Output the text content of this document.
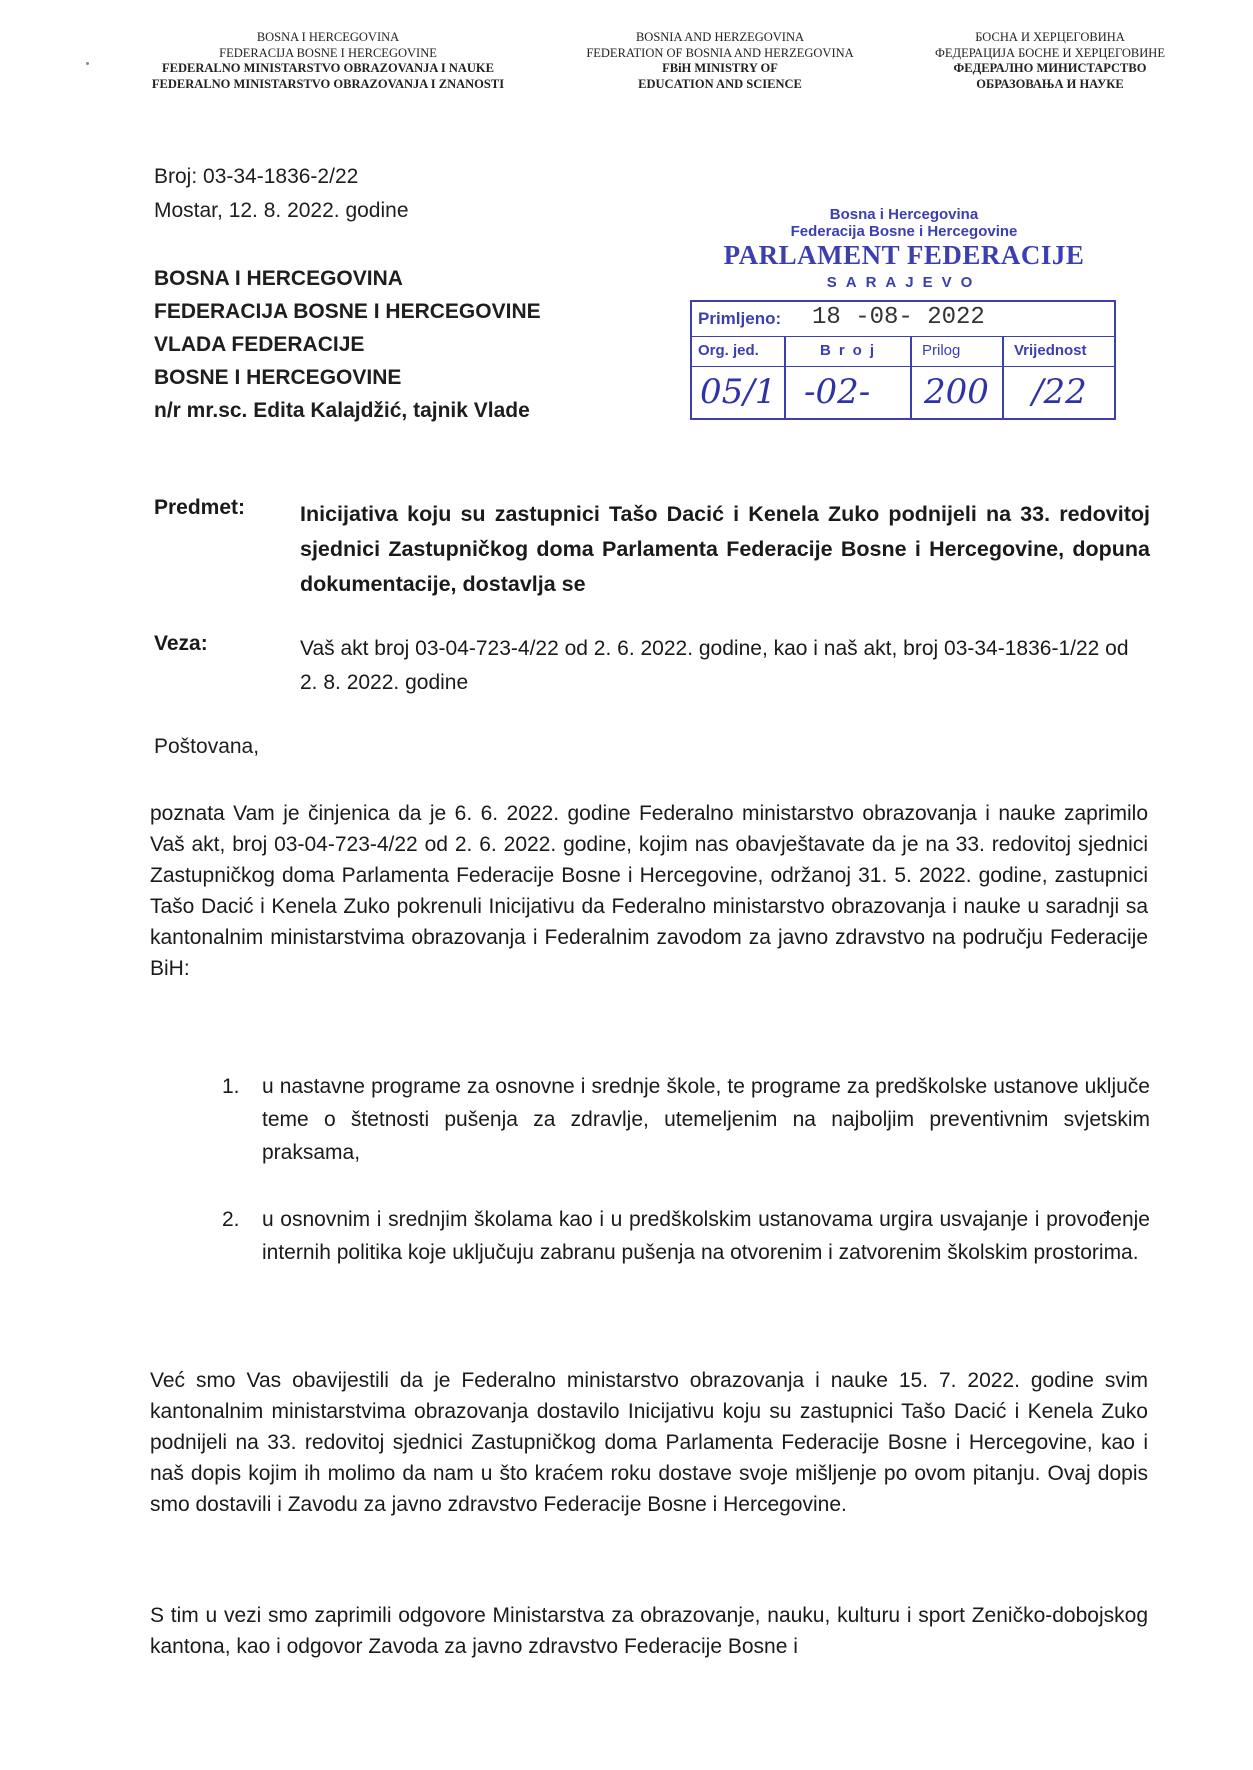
BOSNA I HERCEGOVINA
FEDERACIJA BOSNE I HERCEGOVINE
FEDERALNO MINISTARSTVO OBRAZOVANJA I NAUKE
FEDERALNO MINISTARSTVO OBRAZOVANJA I ZNANOSTI
BOSNIA AND HERZEGOVINA
FEDERATION OF BOSNIA AND HERZEGOVINA
FBiH MINISTRY OF
EDUCATION AND SCIENCE
БОСНА И ХЕРЦЕГОВИНА
ФЕДЕРАЦИЈА БОСНЕ И ХЕРЦЕГОВИНЕ
ФЕДЕРАЛНО МИНИСТАРСТВО
ОБРАЗОВАЊА И НАУКЕ
Broj: 03-34-1836-2/22
Mostar, 12. 8. 2022. godine
BOSNA I HERCEGOVINA
FEDERACIJA BOSNE I HERCEGOVINE
VLADA FEDERACIJE
BOSNE I HERCEGOVINE
n/r mr.sc. Edita Kalajdžić, tajnik Vlade
Bosna i Hercegovina
Federacija Bosne i Hercegovine
PARLAMENT FEDERACIJE
SARAJEVO
Primljeno: 18 -08- 2022
Org. jed.	Broj	Prilog	Vrijednost
05/1 -02- 200 /22
Predmet:	Inicijativa koju su zastupnici Tašo Dacić i Kenela Zuko podnijeli na 33. redovitoj sjednici Zastupničkog doma Parlamenta Federacije Bosne i Hercegovine, dopuna dokumentacije, dostavlja se
Veza:	Vaš akt broj 03-04-723-4/22 od 2. 6. 2022. godine, kao i naš akt, broj 03-34-1836-1/22 od 2. 8. 2022. godine
Poštovana,
poznata Vam je činjenica da je 6. 6. 2022. godine Federalno ministarstvo obrazovanja i nauke zaprimilo Vaš akt, broj 03-04-723-4/22 od 2. 6. 2022. godine, kojim nas obavještavate da je na 33. redovitoj sjednici Zastupničkog doma Parlamenta Federacije Bosne i Hercegovine, održanoj 31. 5. 2022. godine, zastupnici Tašo Dacić i Kenela Zuko pokrenuli Inicijativu da Federalno ministarstvo obrazovanja i nauke u saradnji sa kantonalnim ministarstvima obrazovanja i Federalnim zavodom za javno zdravstvo na području Federacije BiH:
1.	u nastavne programe za osnovne i srednje škole, te programe za predškolske ustanove uključe teme o štetnosti pušenja za zdravlje, utemeljenim na najboljim preventivnim svjetskim praksama,
2.	u osnovnim i srednjim školama kao i u predškolskim ustanovama urgira usvajanje i provođenje internih politika koje uključuju zabranu pušenja na otvorenim i zatvorenim školskim prostorima.
Već smo Vas obavijestili da je Federalno ministarstvo obrazovanja i nauke 15. 7. 2022. godine svim kantonalnim ministarstvima obrazovanja dostavilo Inicijativu koju su zastupnici Tašo Dacić i Kenela Zuko podnijeli na 33. redovitoj sjednici Zastupničkog doma Parlamenta Federacije Bosne i Hercegovine, kao i naš dopis kojim ih molimo da nam u što kraćem roku dostave svoje mišljenje po ovom pitanju. Ovaj dopis smo dostavili i Zavodu za javno zdravstvo Federacije Bosne i Hercegovine.
S tim u vezi smo zaprimili odgovore Ministarstva za obrazovanje, nauku, kulturu i sport Zeničko-dobojskog kantona, kao i odgovor Zavoda za javno zdravstvo Federacije Bosne i
